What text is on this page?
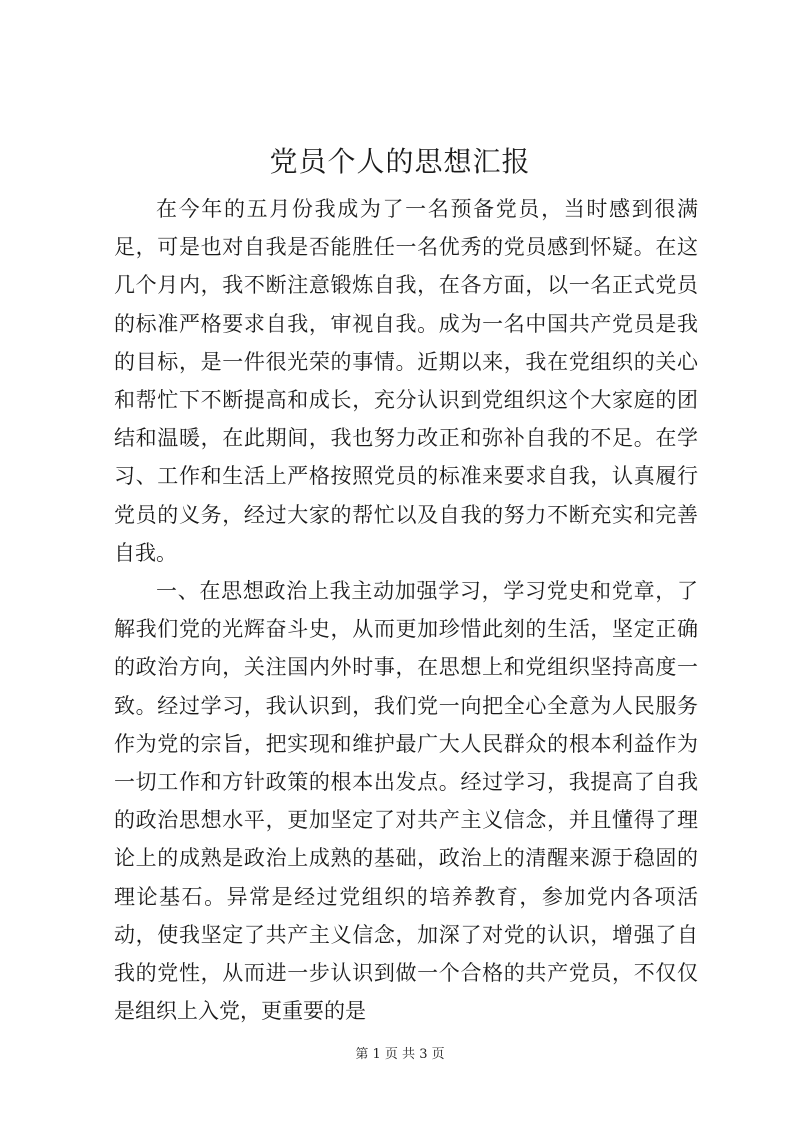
党员个人的思想汇报

在今年的五月份我成为了一名预备党员，当时感到很满足，可是也对自我是否能胜任一名优秀的党员感到怀疑。在这几个月内，我不断注意锻炼自我，在各方面，以一名正式党员的标准严格要求自我，审视自我。成为一名中国共产党员是我的目标，是一件很光荣的事情。近期以来，我在党组织的关心和帮忙下不断提高和成长，充分认识到党组织这个大家庭的团结和温暖，在此期间，我也努力改正和弥补自我的不足。在学习、工作和生活上严格按照党员的标准来要求自我，认真履行党员的义务，经过大家的帮忙以及自我的努力不断充实和完善自我。

一、在思想政治上我主动加强学习，学习党史和党章，了解我们党的光辉奋斗史，从而更加珍惜此刻的生活，坚定正确的政治方向，关注国内外时事，在思想上和党组织坚持高度一致。经过学习，我认识到，我们党一向把全心全意为人民服务作为党的宗旨，把实现和维护最广大人民群众的根本利益作为一切工作和方针政策的根本出发点。经过学习，我提高了自我的政治思想水平，更加坚定了对共产主义信念，并且懂得了理论上的成熟是政治上成熟的基础，政治上的清醒来源于稳固的理论基石。异常是经过党组织的培养教育，参加党内各项活动，使我坚定了共产主义信念，加深了对党的认识，增强了自我的党性，从而进一步认识到做一个合格的共产党员，不仅仅是组织上入党，更重要的是

第 1 页 共 3 页
